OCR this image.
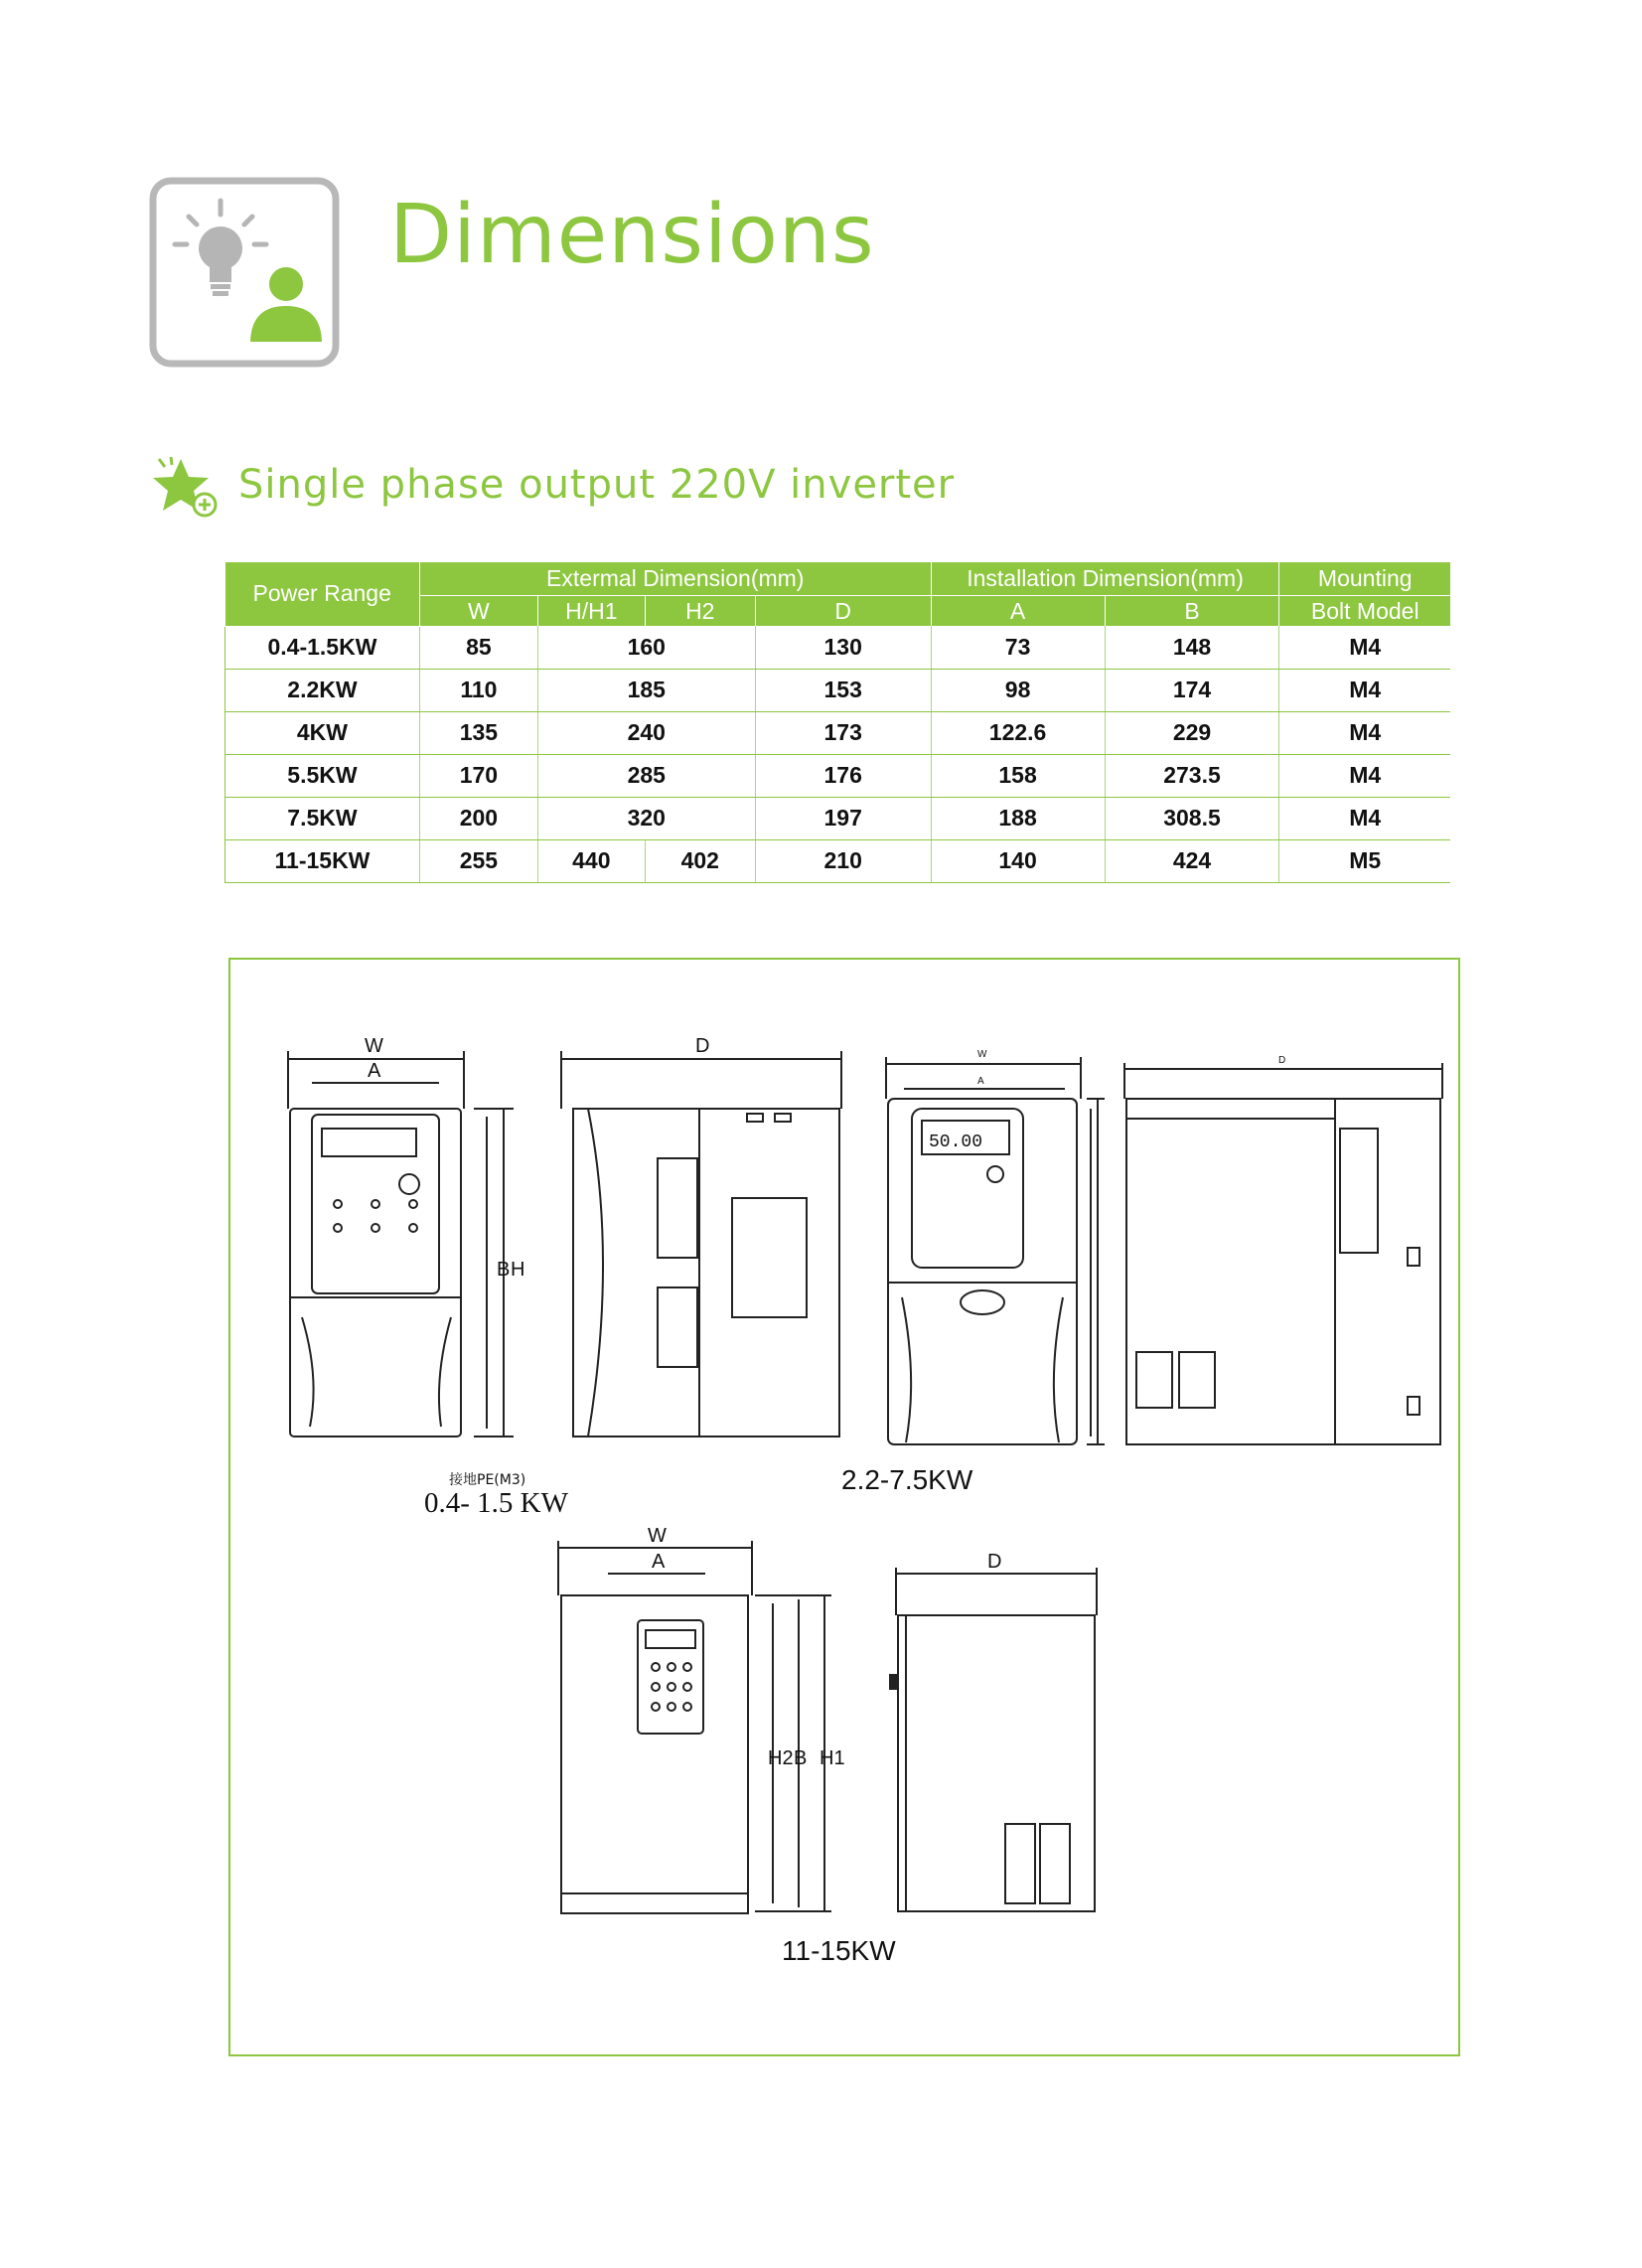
Dimensions
Single phase output 220V inverter
Power Range	Extermal Dimension(mm)				Installation Dimension(mm)		Mounting
	W	H/H1	H2	D	A	B	Bolt Model
0.4-1.5KW	85	160		130	73	148	M4
2.2KW	110	185		153	98	174	M4
4KW	135	240		173	122.6	229	M4
5.5KW	170	285		176	158	273.5	M4
7.5KW	200	320		197	188	308.5	M4
11-15KW	255	440	402	210	140	424	M5
W
A
B H
接地PE(M3)
0.4- 1.5 KW
D	W
A
50.00
2.2-7.5KW
D
W
A
H2 B H1
11-15KW
D
